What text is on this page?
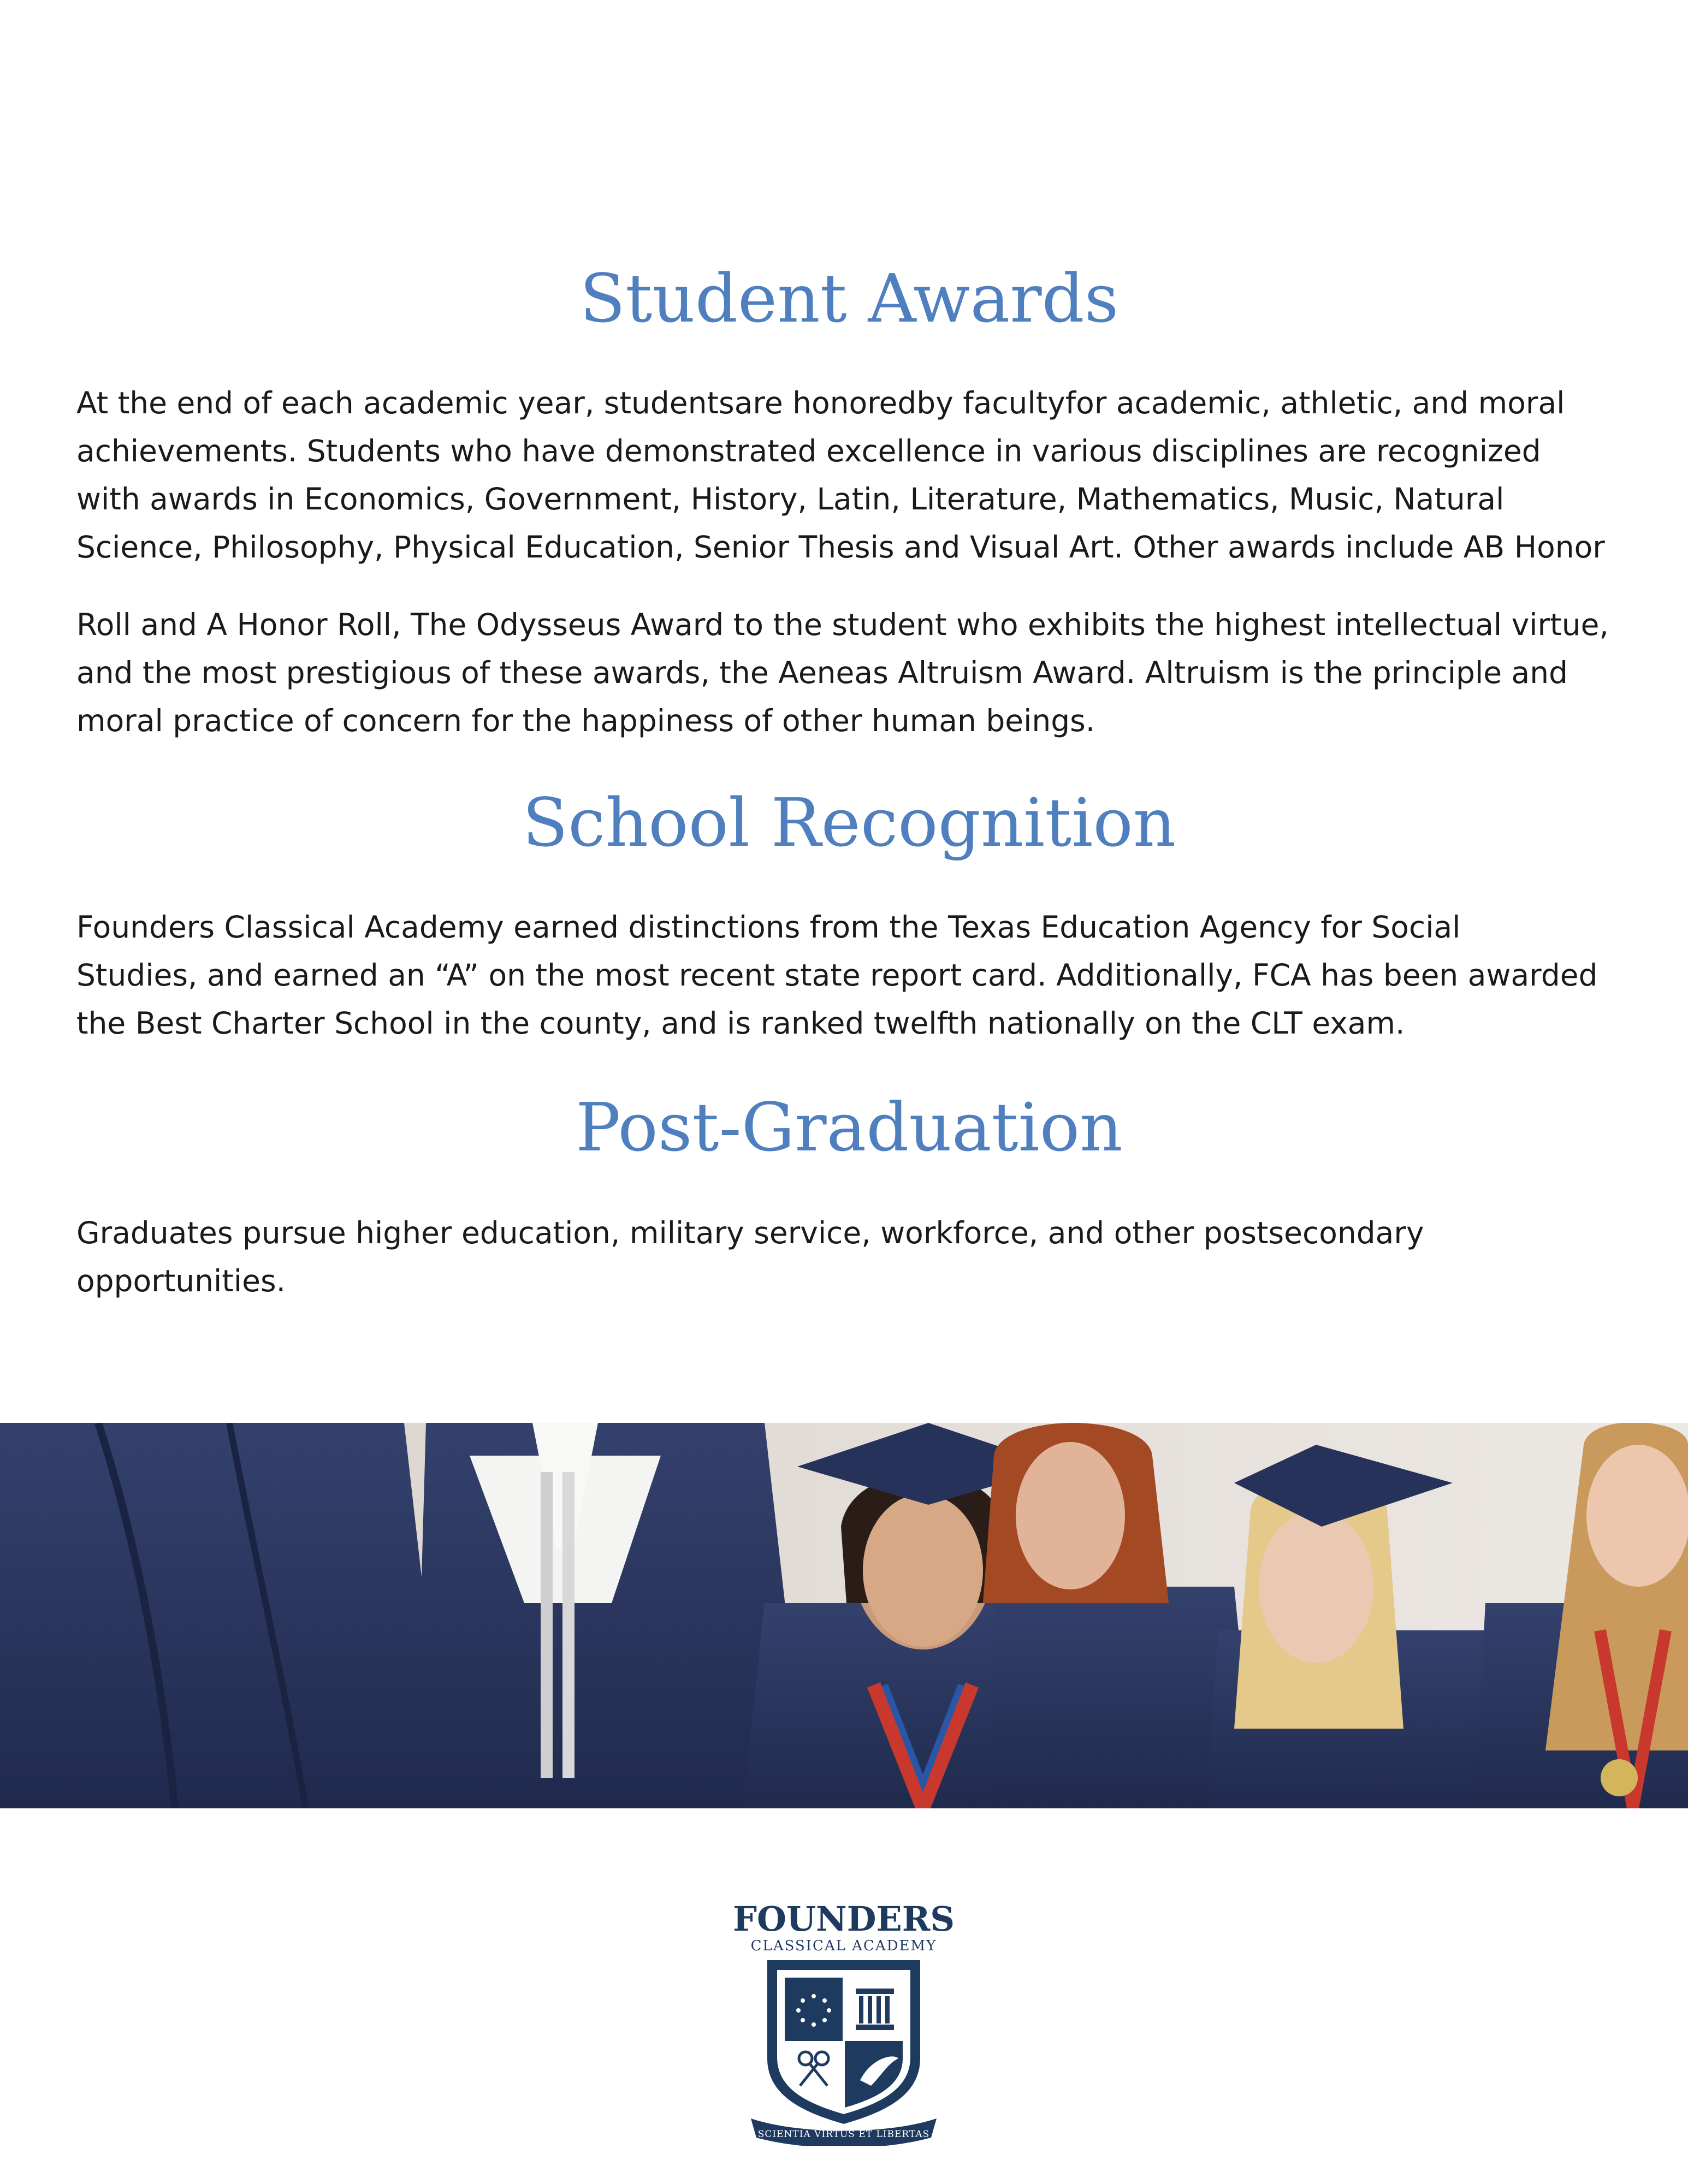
Student Awards

At the end of each academic year, studentsare honoredby facultyfor academic, athletic, and moral
achievements. Students who have demonstrated excellence in various disciplines are recognized
with awards in Economics, Government, History, Latin, Literature, Mathematics, Music, Natural
Science, Philosophy, Physical Education, Senior Thesis and Visual Art. Other awards include AB Honor

Roll and A Honor Roll, The Odysseus Award to the student who exhibits the highest intellectual virtue,
and the most prestigious of these awards, the Aeneas Altruism Award. Altruism is the principle and
moral practice of concern for the happiness of other human beings.

School Recognition

Founders Classical Academy earned distinctions from the Texas Education Agency for Social
Studies, and earned an “A” on the most recent state report card. Additionally, FCA has been awarded
the Best Charter School in the county, and is ranked twelfth nationally on the CLT exam.

Post-Graduation

Graduates pursue higher education, military service, workforce, and other postsecondary
opportunities.

FOUNDERS
CLASSICAL ACADEMY
SCIENTIA VIRTUS ET LIBERTAS
